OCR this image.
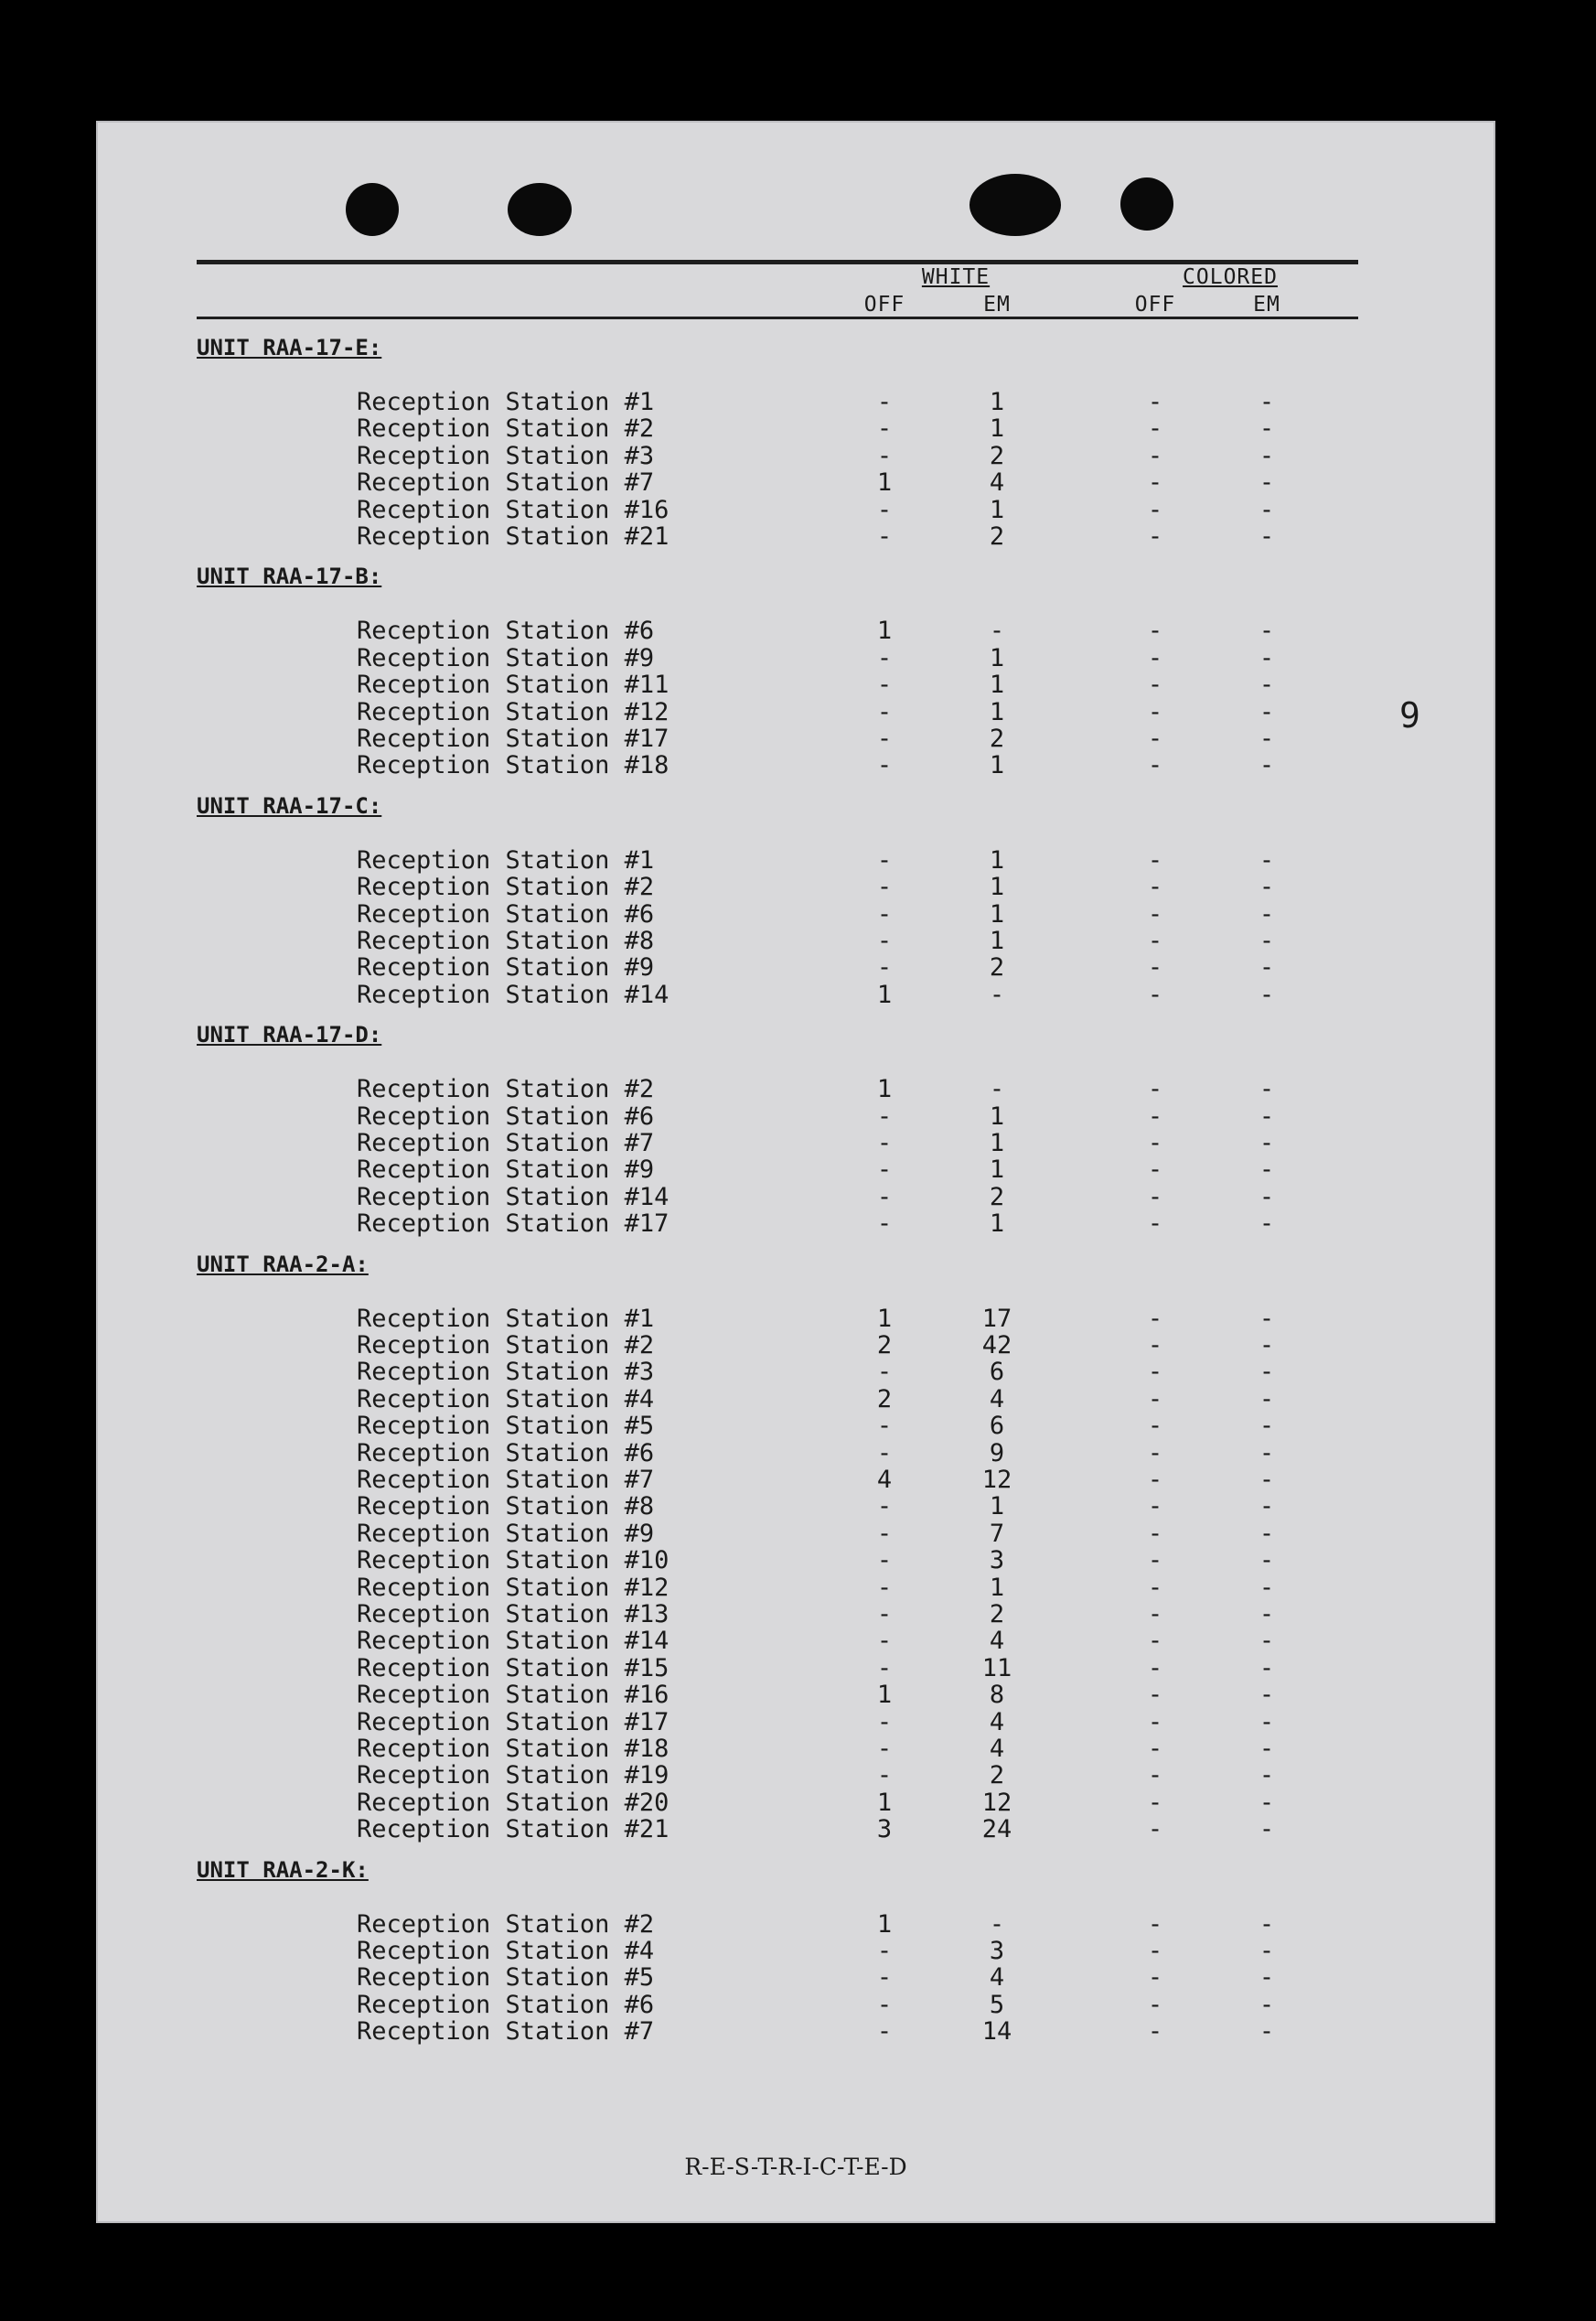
WHITE	COLORED
OFF	EM	OFF	EM
UNIT RAA-17-E:
Reception Station #1	-	1	-	-
Reception Station #2	-	1	-	-
Reception Station #3	-	2	-	-
Reception Station #7	1	4	-	-
Reception Station #16	-	1	-	-
Reception Station #21	-	2	-	-
UNIT RAA-17-B:
Reception Station #6	1	-	-	-
Reception Station #9	-	1	-	-
Reception Station #11	-	1	-	-
Reception Station #12	-	1	-	-
Reception Station #17	-	2	-	-
Reception Station #18	-	1	-	-
UNIT RAA-17-C:
Reception Station #1	-	1	-	-
Reception Station #2	-	1	-	-
Reception Station #6	-	1	-	-
Reception Station #8	-	1	-	-
Reception Station #9	-	2	-	-
Reception Station #14	1	-	-	-
UNIT RAA-17-D:
Reception Station #2	1	-	-	-
Reception Station #6	-	1	-	-
Reception Station #7	-	1	-	-
Reception Station #9	-	1	-	-
Reception Station #14	-	2	-	-
Reception Station #17	-	1	-	-
UNIT RAA-2-A:
Reception Station #1	1	17	-	-
Reception Station #2	2	42	-	-
Reception Station #3	-	6	-	-
Reception Station #4	2	4	-	-
Reception Station #5	-	6	-	-
Reception Station #6	-	9	-	-
Reception Station #7	4	12	-	-
Reception Station #8	-	1	-	-
Reception Station #9	-	7	-	-
Reception Station #10	-	3	-	-
Reception Station #12	-	1	-	-
Reception Station #13	-	2	-	-
Reception Station #14	-	4	-	-
Reception Station #15	-	11	-	-
Reception Station #16	1	8	-	-
Reception Station #17	-	4	-	-
Reception Station #18	-	4	-	-
Reception Station #19	-	2	-	-
Reception Station #20	1	12	-	-
Reception Station #21	3	24	-	-
UNIT RAA-2-K:
Reception Station #2	1	-	-	-
Reception Station #4	-	3	-	-
Reception Station #5	-	4	-	-
Reception Station #6	-	5	-	-
Reception Station #7	-	14	-	-
9
R-E-S-T-R-I-C-T-E-D
